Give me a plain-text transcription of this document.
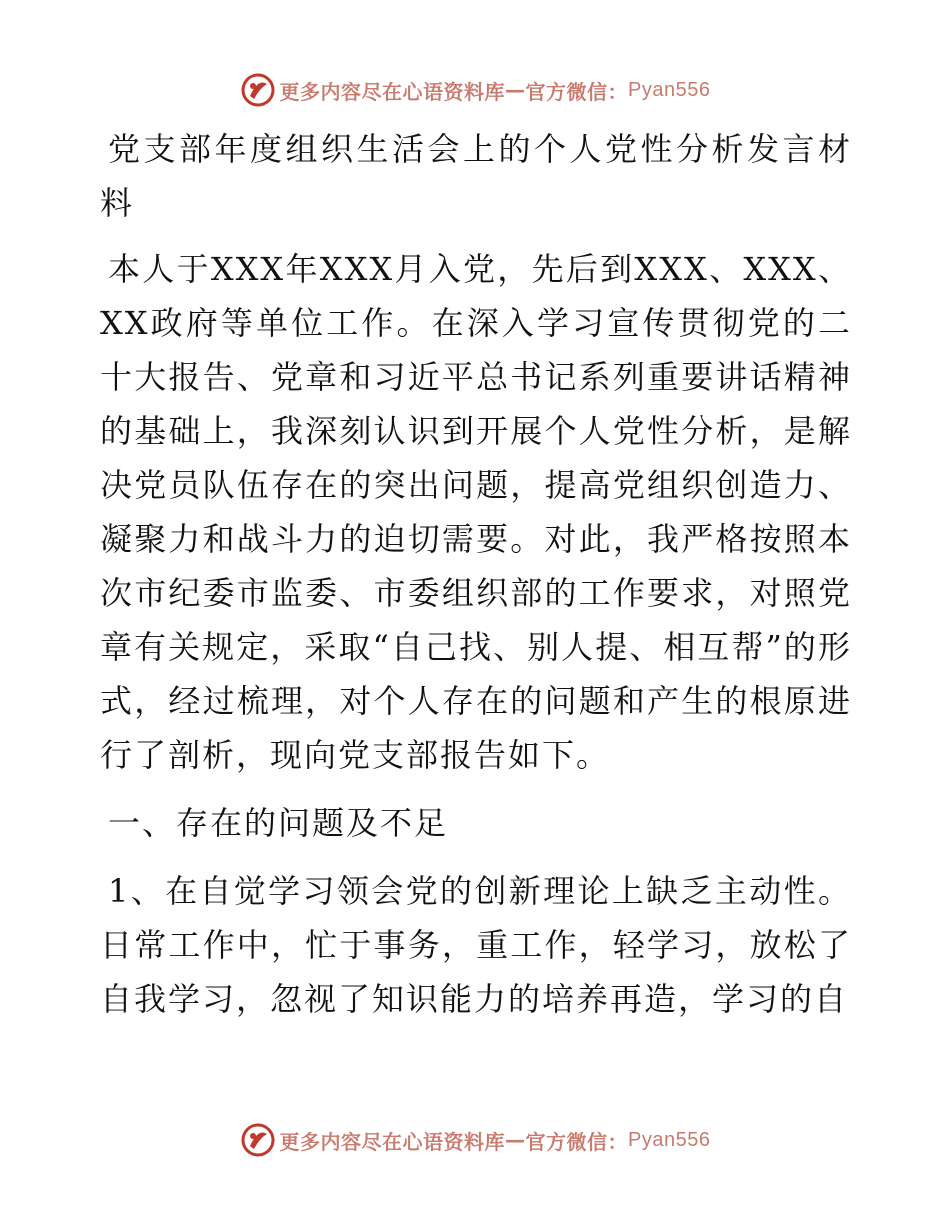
更多内容尽在心语资料库 — 官方微信： Pyan556

党支部年度组织生活会上的个人党性分析发言材料

本人于XXX年XXX月入党，先后到XXX、XXX、XX政府等单位工作。在深入学习宣传贯彻党的二十大报告、党章和习近平总书记系列重要讲话精神的基础上，我深刻认识到开展个人党性分析，是解决党员队伍存在的突出问题，提高党组织创造力、凝聚力和战斗力的迫切需要。对此，我严格按照本次市纪委市监委、市委组织部的工作要求，对照党章有关规定，采取“自己找、别人提、相互帮”的形式，经过梳理，对个人存在的问题和产生的根原进行了剖析，现向党支部报告如下。

一、存在的问题及不足

1、在自觉学习领会党的创新理论上缺乏主动性。日常工作中，忙于事务，重工作，轻学习，放松了自我学习，忽视了知识能力的培养再造，学习的自

更多内容尽在心语资料库 — 官方微信： Pyan556
